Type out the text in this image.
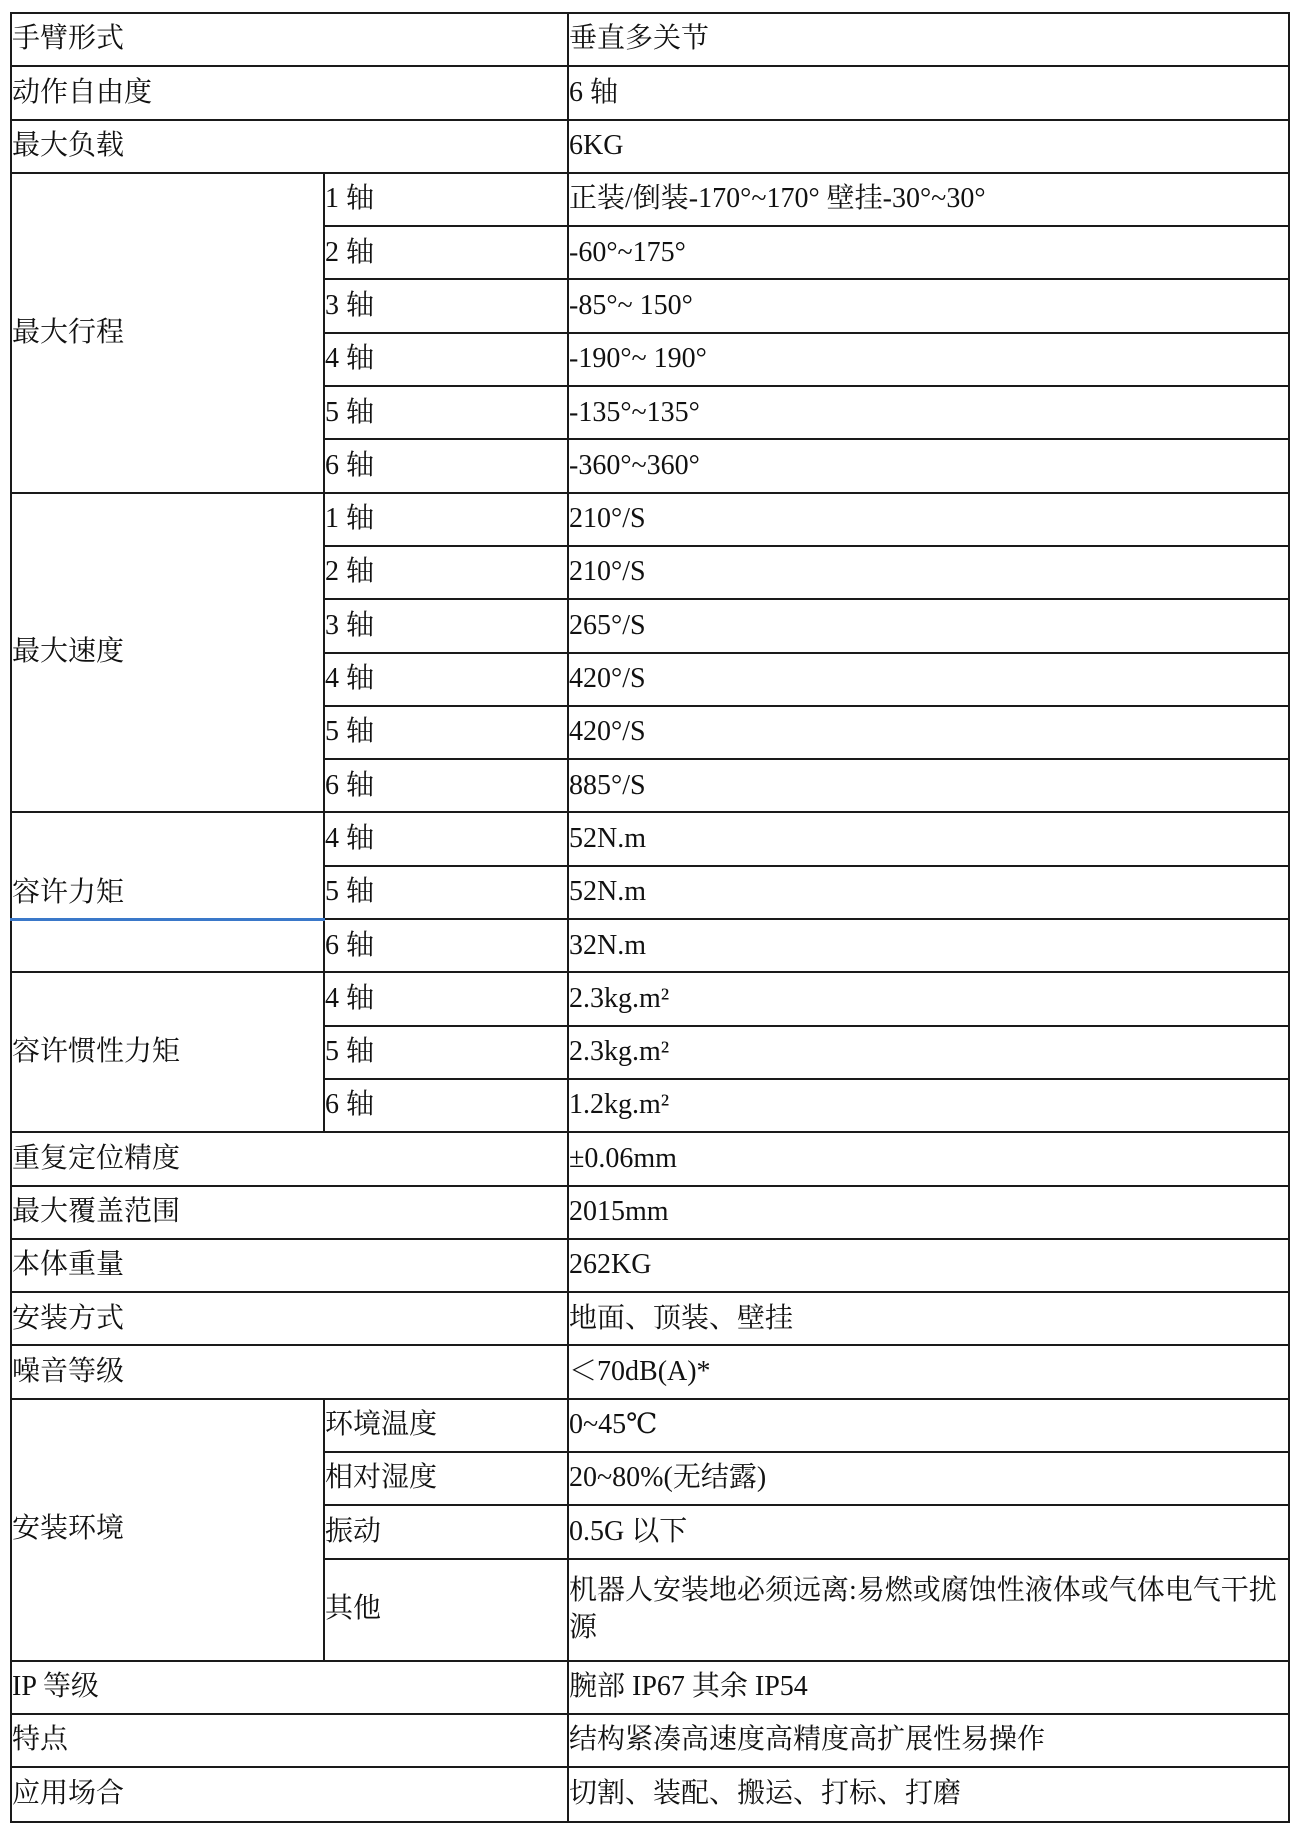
手臂形式		垂直多关节
动作自由度		6 轴
最大负载		6KG
最大行程	1 轴	正装/倒装-170°~170° 壁挂-30°~30°
	2 轴	-60°~175°
	3 轴	-85°~ 150°
	4 轴	-190°~ 190°
	5 轴	-135°~135°
	6 轴	-360°~360°
最大速度	1 轴	210°/S
	2 轴	210°/S
	3 轴	265°/S
	4 轴	420°/S
	5 轴	420°/S
	6 轴	885°/S
容许力矩	4 轴	52N.m
	5 轴	52N.m
	6 轴	32N.m
容许惯性力矩	4 轴	2.3kg.m²
	5 轴	2.3kg.m²
	6 轴	1.2kg.m²
重复定位精度		±0.06mm
最大覆盖范围		2015mm
本体重量		262KG
安装方式		地面、顶装、壁挂
噪音等级		＜70dB(A)*
安装环境	环境温度	0~45℃
	相对湿度	20~80%(无结露)
	振动	0.5G 以下
	其他	机器人安装地必须远离:易燃或腐蚀性液体或气体电气干扰源
IP 等级		腕部 IP67 其余 IP54
特点		结构紧凑高速度高精度高扩展性易操作
应用场合		切割、装配、搬运、打标、打磨
